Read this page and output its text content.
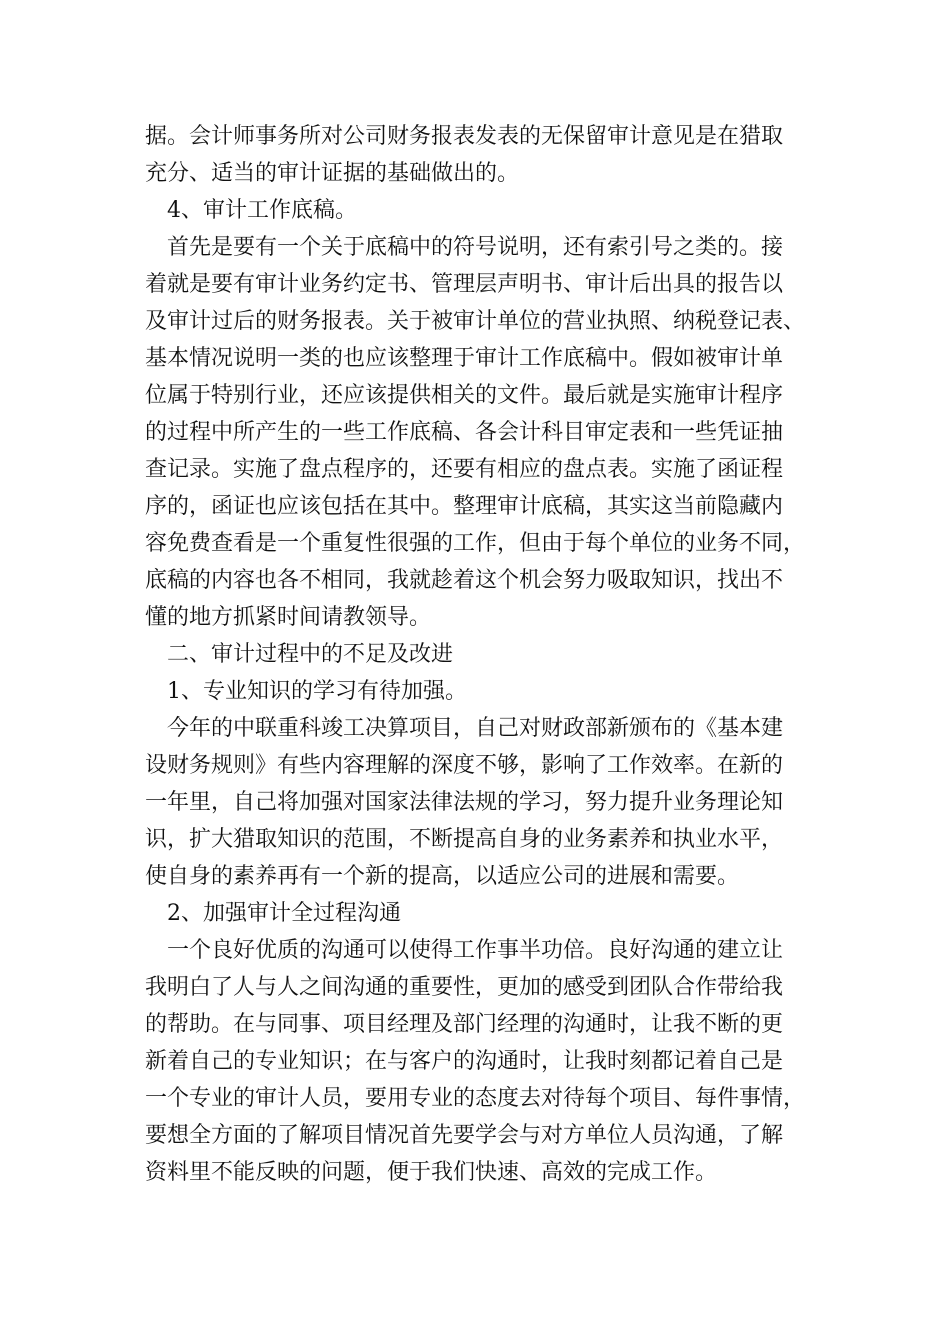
据。会计师事务所对公司财务报表发表的无保留审计意见是在猎取
充分、适当的审计证据的基础做出的。
4、审计工作底稿。
首先是要有一个关于底稿中的符号说明，还有索引号之类的。接
着就是要有审计业务约定书、管理层声明书、审计后出具的报告以
及审计过后的财务报表。关于被审计单位的营业执照、纳税登记表、
基本情况说明一类的也应该整理于审计工作底稿中。假如被审计单
位属于特别行业，还应该提供相关的文件。最后就是实施审计程序
的过程中所产生的一些工作底稿、各会计科目审定表和一些凭证抽
查记录。实施了盘点程序的，还要有相应的盘点表。实施了函证程
序的，函证也应该包括在其中。整理审计底稿，其实这当前隐藏内
容免费查看是一个重复性很强的工作，但由于每个单位的业务不同，
底稿的内容也各不相同，我就趁着这个机会努力吸取知识，找出不
懂的地方抓紧时间请教领导。
二、审计过程中的不足及改进
1、专业知识的学习有待加强。
今年的中联重科竣工决算项目，自己对财政部新颁布的《基本建
设财务规则》有些内容理解的深度不够，影响了工作效率。在新的
一年里，自己将加强对国家法律法规的学习，努力提升业务理论知
识，扩大猎取知识的范围，不断提高自身的业务素养和执业水平，
使自身的素养再有一个新的提高，以适应公司的进展和需要。
2、加强审计全过程沟通
一个良好优质的沟通可以使得工作事半功倍。良好沟通的建立让
我明白了人与人之间沟通的重要性，更加的感受到团队合作带给我
的帮助。在与同事、项目经理及部门经理的沟通时，让我不断的更
新着自己的专业知识；在与客户的沟通时，让我时刻都记着自己是
一个专业的审计人员，要用专业的态度去对待每个项目、每件事情，
要想全方面的了解项目情况首先要学会与对方单位人员沟通，了解
资料里不能反映的问题，便于我们快速、高效的完成工作。
